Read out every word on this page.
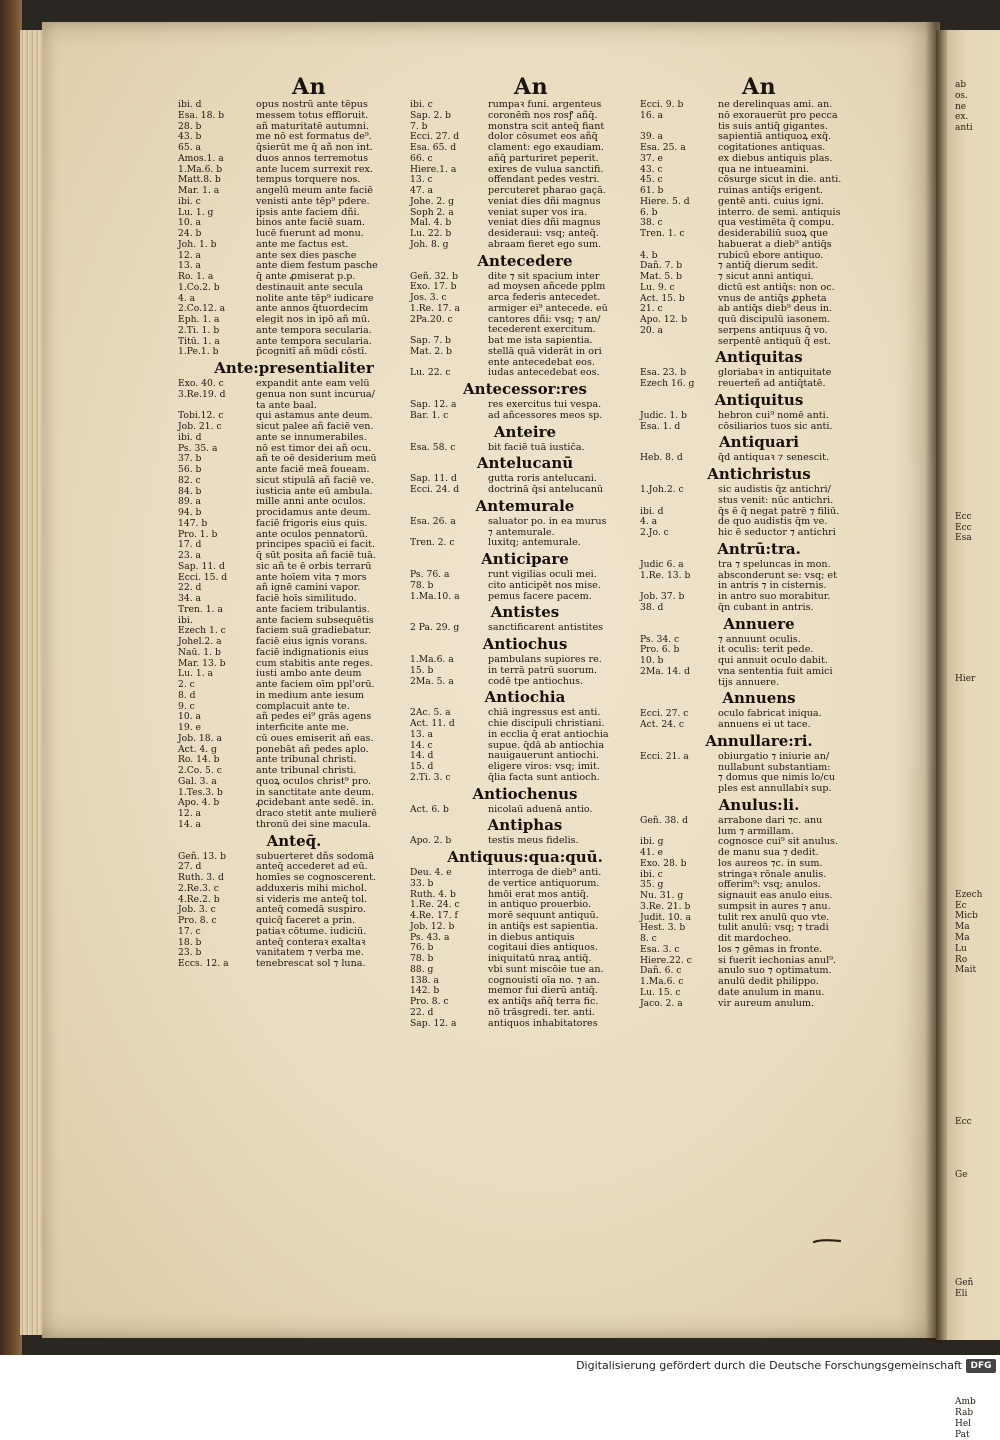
An	An	An
ibi. d	opus nostrū ante tēpus
Esa. 18. b	messem totus effloruit.
28. b	añ maturitatē autumni.
43. b	me nō est formatus de⁹.
65. a	q̄sierūt me q̄ añ non int.
Amos.1. a	duos annos terremotus
1.Ma.6. b	ante lucem surrexit rex.
Matt.8. b	tempus torquere nos.
Mar. 1. a	angelū meum ante faciē
ibi. c	venisti ante tēp⁹ pdere.
Lu. 1. g	ipsis ante faciem dñi.
10. a	binos ante faciē suam.
24. b	lucē fuerunt ad monu.
Joh. 1. b	ante me factus est.
12. a	ante sex dies pasche
13. a	ante diem festum pasche
Ro. 1. a	q̄ ante ꝓmiserat p.p.
1.Co.2. b	destinauit ante secula
4. a	nolite ante tēp⁹ iudicare
2.Co.12. a	ante annos q̄tuordecim
Eph. 1. a	elegit nos in ipō añ mū.
2.Ti. 1. b	ante tempora secularia.
Titū. 1. a	ante tempora secularia.
1.Pe.1. b	p̄cognitī añ mūdi cōstī.
Ante:presentialiter
Exo. 40. c	expandit ante eam velū
3.Re.19. d	genua non sunt incurua/
ta ante baal.
Tobi.12. c	qui astamus ante deum.
Job. 21. c	sicut palee añ faciē ven.
ibi. d	ante se innumerabiles.
Ps. 35. a	nō est timor dei añ ocu.
37. b	añ te oē desiderium meū
56. b	ante faciē meā foueam.
82. c	sicut stipulā añ faciē ve.
84. b	iusticia ante eū ambula.
89. a	mille anni ante oculos.
94. b	procidamus ante deum.
147. b	faciē frigoris eius quis.
Pro. 1. b	ante oculos pennatorū.
17. d	principes spaciū ei facit.
23. a	q̄ sūt posita añ faciē tuā.
Sap. 11. d	sic añ te ē orbis terrarū
Ecci. 15. d	ante hoīem vita ⁊ mors
22. d	añ ignē camini vapor.
34. a	faciē hoīs similitudo.
Tren. 1. a	ante faciem tribulantis.
ibi.	ante faciem subsequētis
Ezech 1. c	faciem suā gradiebatur.
Johel.2. a	faciē eius ignis vorans.
Naū. 1. b	faciē indignationis eius
Mar. 13. b	cum stabitis ante reges.
Lu. 1. a	iusti ambo ante deum
2. c	ante faciem oīm ppl'orū.
8. d	in medium ante iesum
9. c	complacuit ante te.
10. a	añ pedes ei⁹ grās agens
19. e	interficite ante me.
Job. 18. a	cū oues emiserit añ eas.
Act. 4. g	ponebāt añ pedes aplo.
Ro. 14. b	ante tribunal christi.
2.Co. 5. c	ante tribunal christi.
Gal. 3. a	quoꝝ oculos christ⁹ pro.
1.Tes.3. b	in sanctitate ante deum.
Apo. 4. b	ꝓcidebant ante sedē. in.
12. a	draco stetit ante mulierē
14. a	thronū dei sine macula.
Anteq̄.
Geñ. 13. b	subuerteret dñs sodomā
27. d	anteq̄ accederet ad eū.
Ruth. 3. d	homīes se cognoscerent.
2.Re.3. c	adduxeris mihi michol.
4.Re.2. b	si videris me anteq̄ tol.
Job. 3. c	anteq̄ comedā suspiro.
Pro. 8. c	quicq̄ faceret a prin.
17. c	patiaꝛ cōtume. iudiciū.
18. b	anteq̄ conteraꝛ exaltaꝛ
23. b	vanitatem ⁊ verba me.
Eccs. 12. a	tenebrescat sol ⁊ luna.
ibi. c	rumpaꝛ funi. argenteus
Sap. 2. b	coronēm̄ nos rosꝭ añq̄.
7. b	monstra scit anteq̄ fiant
Ecci. 27. d	dolor cōsumet eos añq̄
Esa. 65. d	clament: ego exaudiam.
66. c	añq̄ parturiret peperit.
Hiere.1. a	exires de vulua sanctifi.
13. c	offendant pedes vestri.
47. a	percuteret pharao gaçā.
Johe. 2. g	veniat dies dñi magnus
Soph 2. a	veniat super vos ira.
Mal. 4. b	veniat dies dñi magnus
Lu. 22. b	desideraui: vsq; anteq̄.
Joh. 8. g	abraam fieret ego sum.
Antecedere
Geñ. 32. b	dite ⁊ sit spacium inter
Exo. 17. b	ad moysen añcede pplm
Jos. 3. c	arca federis antecedet.
1.Re. 17. a	armiger ei⁹ antecede. eū
2Pa.20. c	cantores dñi: vsq; ⁊ an/
tecederent exercitum.
Sap. 7. b	bat me ista sapientia.
Mat. 2. b	stellā quā viderāt in ori
ente antecedebat eos.
Lu. 22. c	iudas antecedebat eos.
Antecessor:res
Sap. 12. a	res exercitus tui vespa.
Bar. 1. c	ad añcessores meos sp.
Anteire
Esa. 58. c	bit faciē tuā iustic̄a.
Antelucanū
Sap. 11. d	gutta roris antelucani.
Ecci. 24. d	doctrinā q̄si antelucanū
Antemurale
Esa. 26. a	saluator po. in ea murus
⁊ antemurale.
Tren. 2. c	luxitq; antemurale.
Anticipare
Ps. 76. a	runt vigilias oculi mei.
78. b	cito anticipēt nos mise.
1.Ma.10. a	pemus facere pacem.
Antistes
2 Pa. 29. g	sanctificarent antistites
Antiochus
1.Ma.6. a	pambulans supiores re.
15. b	in terrā patrū suorum.
2Ma. 5. a	codē tpe antiochus.
Antiochia
2Ac. 5. a	chiā ingressus est anti.
Act. 11. d	chie discipuli christiani.
13. a	in ecclia q̄ erat antiochia
14. c	supue. q̄dā ab antiochia
14. d	nauigauerunt antiochi.
15. d	eligere viros: vsq; imit.
2.Ti. 3. c	q̄lia facta sunt antioch.
Antiochenus
Act. 6. b	nicolaū aduenā antio.
Antiphas
Apo. 2. b	testis meus fidelis.
Antiquus:qua:quū.
Deu. 4. e	interroga de dieb⁹ anti.
33. b	de vertice antiquorum.
Ruth. 4. b	hmōi erat mos antiq̄.
1.Re. 24. c	in antiquo prouerbio.
4.Re. 17. f	morē sequunt antiquū.
Job. 12. b	in antiq̄s est sapientia.
Ps. 43. a	in diebus antiquis
76. b	cogitaui dies antiquos.
78. b	iniquitatū nraꝝ antiq̄.
88. g	vbi sunt miscōie tue an.
138. a	cognouisti oīa no. ⁊ an.
142. b	memor fui dierū antiq̄.
Pro. 8. c	ex antiq̄s añq̄ terra fic.
22. d	nō trāsgredi. ter. anti.
Sap. 12. a	antiquos inhabitatores
Ecci. 9. b	ne derelinquas ami. an.
16. a	nō exorauerūt pro pecca
tis suis antiq̄ gigantes.
39. a	sapientiā antiquoꝝ exq̄.
Esa. 25. a	cogitationes antiquas.
37. e	ex diebus antiquis plas.
43. c	qua ne intueamini.
45. c	cōsurge sicut in die. anti.
61. b	ruinas antiq̄s erigent.
Hiere. 5. d	gentē anti. cuius igni.
6. b	interro. de semi. antiquis
38. c	qua vestimēta q̄ compu.
Tren. 1. c	desiderabiliū suoꝝ que
habuerat a dieb⁹ antiq̄s
4. b	rubicū ebore antiquo.
Dañ. 7. b	⁊ antiq̄ dierum sedit.
Mat. 5. b	⁊ sicut anni antiqui.
Lu. 9. c	dictū est antiq̄s: non oc.
Act. 15. b	vnus de antiq̄s ꝓpheta
21. c	ab antiq̄s dieb⁹ deus in.
Apo. 12. b	quū discipulū iasonem.
20. a	serpens antiquus q̄ vo.
serpentē antiquū q̄ est.
Antiquitas
Esa. 23. b	gloriabaꝛ in antiquitate
Ezech 16. g	reuerteñ ad antiq̄tatē.
Antiquitus
Judic. 1. b	hebron cui⁹ nomē anti.
Esa. 1. d	cōsiliarios tuos sic anti.
Antiquari
Heb. 8. d	q̄d antiquaꝛ ⁊ senescit.
Antichristus
1.Joh.2. c	sic audistis q̄z antichri/
stus venit: nūc antichri.
ibi. d	q̄s ē q̄ negat patrē ⁊ filiū.
4. a	de quo audistis q̄m ve.
2.Jo. c	hic ē seductor ⁊ antichri
Antrū:tra.
Judic 6. a	tra ⁊ speluncas in mon.
1.Re. 13. b	absconderunt se: vsq; et
in antris ⁊ in cisternis.
Job. 37. b	in antro suo morabitur.
38. d	q̄n cubant in antris.
Annuere
Ps. 34. c	⁊ annuunt oculis.
Pro. 6. b	it oculis: terit pede.
10. b	qui annuit oculo dabit.
2Ma. 14. d	vna sententia fuit amici
tijs annuere.
Annuens
Ecci. 27. c	oculo fabricat iniqua.
Act. 24. c	annuens ei ut tace.
Annullare:ri.
Ecci. 21. a	obiurgatio ⁊ iniurie an/
nullabunt substantiam:
⁊ domus que nimis lo/cu
ples est annullabiꝛ sup.
Anulus:li.
Geñ. 38. d	arrabone dari ⁊c. anu
lum ⁊ armillam.
ibi. g	cognosce cui⁹ sit anulus.
41. e	de manu sua ⁊ dedit.
Exo. 28. b	los aureos ⁊c. in sum.
ibi. c	stringaꝛ rōnale anulis.
35. g	offerim⁹: vsq; anulos.
Nu. 31. g	signauit eas anulo eius.
3.Re. 21. b	sumpsit in aures ⁊ anu.
Judit. 10. a	tulit rex anulū quo vte.
Hest. 3. b	tulit anulū: vsq; ⁊ tradi
8. c	dit mardocheo.
Esa. 3. c	los ⁊ gēmas in fronte.
Hiere.22. c	si fuerit iechonias anul⁹.
Dañ. 6. c	anulo suo ⁊ optimatum.
1.Ma.6. c	anulū dedit philippo.
Lu. 15. c	date anulum in manu.
Jaco. 2. a	vir aureum anulum.
ab
os.
ne
ex.
anti
Ecc
Ecc
Esa
Hier
Ezech
Ec
Micb
Ma
Ma
Lu
Ro
Mait
Ecc
Ge
Geñ
Eli
Amb
Rab
Hel
Pat
Digitalisierung gefördert durch die Deutsche Forschungsgemeinschaft DFG
